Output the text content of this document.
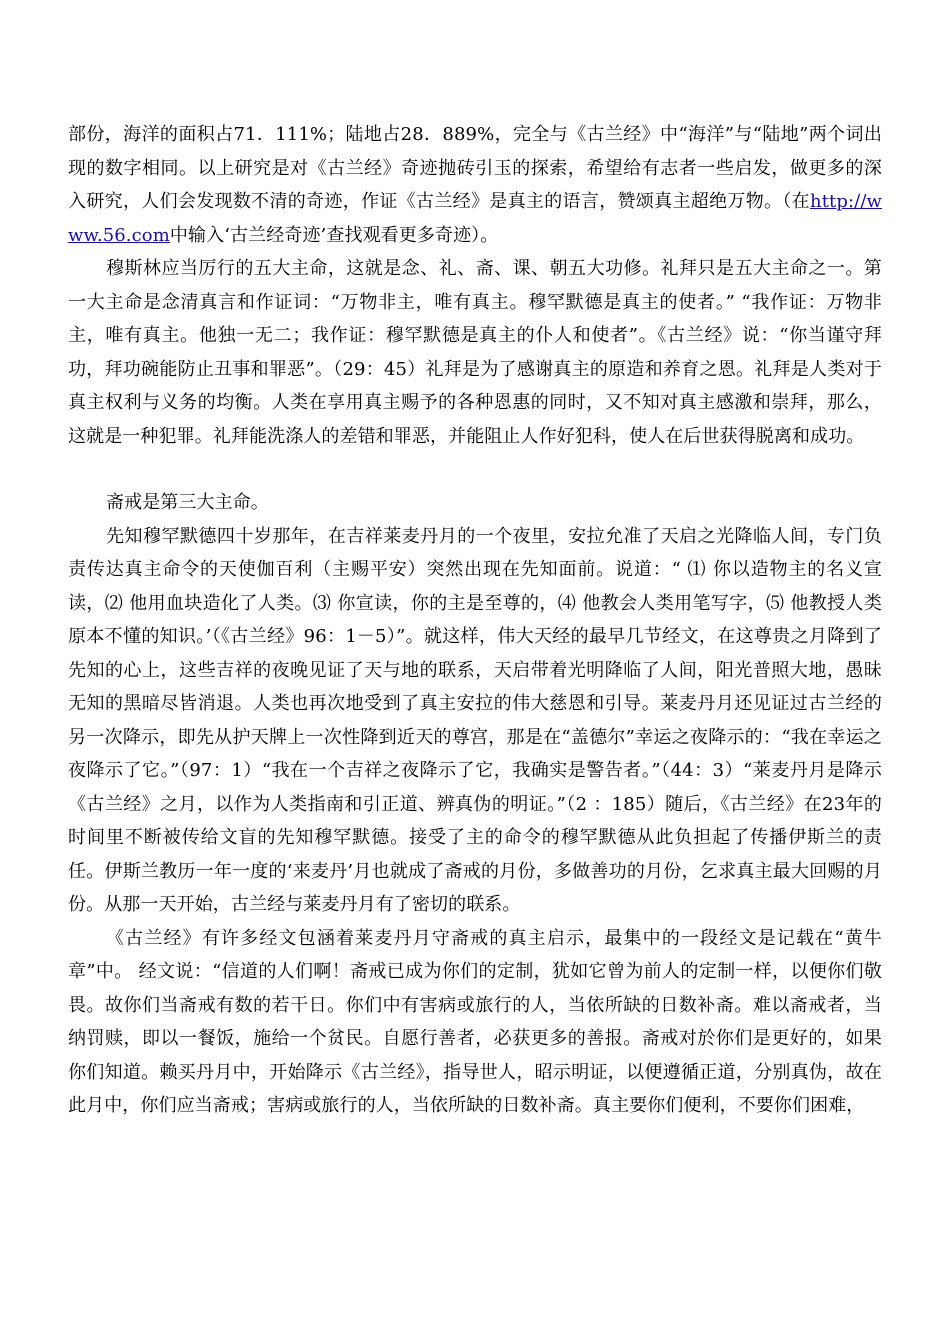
部份，海洋的面积占71．111%；陆地占28．889%，完全与《古兰经》中“海洋”与“陆地”两个词出现的数字相同。以上研究是对《古兰经》奇迹抛砖引玉的探索，希望给有志者一些启发，做更多的深入研究，人们会发现数不清的奇迹，作证《古兰经》是真主的语言，赞颂真主超绝万物。（在http://www.56.com中输入‘古兰经奇迹’查找观看更多奇迹）。

穆斯林应当厉行的五大主命，这就是念、礼、斋、课、朝五大功修。礼拜只是五大主命之一。第一大主命是念清真言和作证词：“万物非主，唯有真主。穆罕默德是真主的使者。” “我作证：万物非主，唯有真主。他独一无二；我作证：穆罕默德是真主的仆人和使者”。《古兰经》说：“你当谨守拜功，拜功碗能防止丑事和罪恶”。（29：45）礼拜是为了感谢真主的原造和养育之恩。礼拜是人类对于真主权利与义务的均衡。人类在享用真主赐予的各种恩惠的同时，又不知对真主感激和崇拜，那么，这就是一种犯罪。礼拜能洗涤人的差错和罪恶，并能阻止人作好犯科，使人在后世获得脱离和成功。

斋戒是第三大主命。

先知穆罕默德四十岁那年，在吉祥莱麦丹月的一个夜里，安拉允准了天启之光降临人间，专门负责传达真主命令的天使伽百利（主赐平安）突然出现在先知面前。说道：“ ⑴ 你以造物主的名义宣读，⑵ 他用血块造化了人类。⑶ 你宣读，你的主是至尊的，⑷ 他教会人类用笔写字，⑸ 他教授人类原本不懂的知识。’（《古兰经》96：1－5）”。就这样，伟大天经的最早几节经文，在这尊贵之月降到了先知的心上，这些吉祥的夜晚见证了天与地的联系，天启带着光明降临了人间，阳光普照大地，愚昧无知的黑暗尽皆消退。人类也再次地受到了真主安拉的伟大慈恩和引导。莱麦丹月还见证过古兰经的另一次降示，即先从护天牌上一次性降到近天的尊宫，那是在“盖德尔”幸运之夜降示的：“我在幸运之夜降示了它。”（97：1）“我在一个吉祥之夜降示了它，我确实是警告者。”（44：3）“莱麦丹月是降示《古兰经》之月，以作为人类指南和引正道、辨真伪的明证。”（2 ：185）随后，《古兰经》在23年的时间里不断被传给文盲的先知穆罕默德。接受了主的命令的穆罕默德从此负担起了传播伊斯兰的责任。伊斯兰教历一年一度的‘来麦丹’月也就成了斋戒的月份，多做善功的月份，乞求真主最大回赐的月份。从那一天开始，古兰经与莱麦丹月有了密切的联系。

《古兰经》有许多经文包涵着莱麦丹月守斋戒的真主启示，最集中的一段经文是记载在“黄牛章”中。 经文说：“信道的人们啊！斋戒已成为你们的定制，犹如它曾为前人的定制一样，以便你们敬畏。故你们当斋戒有数的若干日。你们中有害病或旅行的人，当依所缺的日数补斋。难以斋戒者，当纳罚赎，即以一餐饭，施给一个贫民。自愿行善者，必获更多的善报。斋戒对於你们是更好的，如果你们知道。赖买丹月中，开始降示《古兰经》，指导世人，昭示明证，以便遵循正道，分别真伪，故在此月中，你们应当斋戒；害病或旅行的人，当依所缺的日数补斋。真主要你们便利，不要你们困难，
